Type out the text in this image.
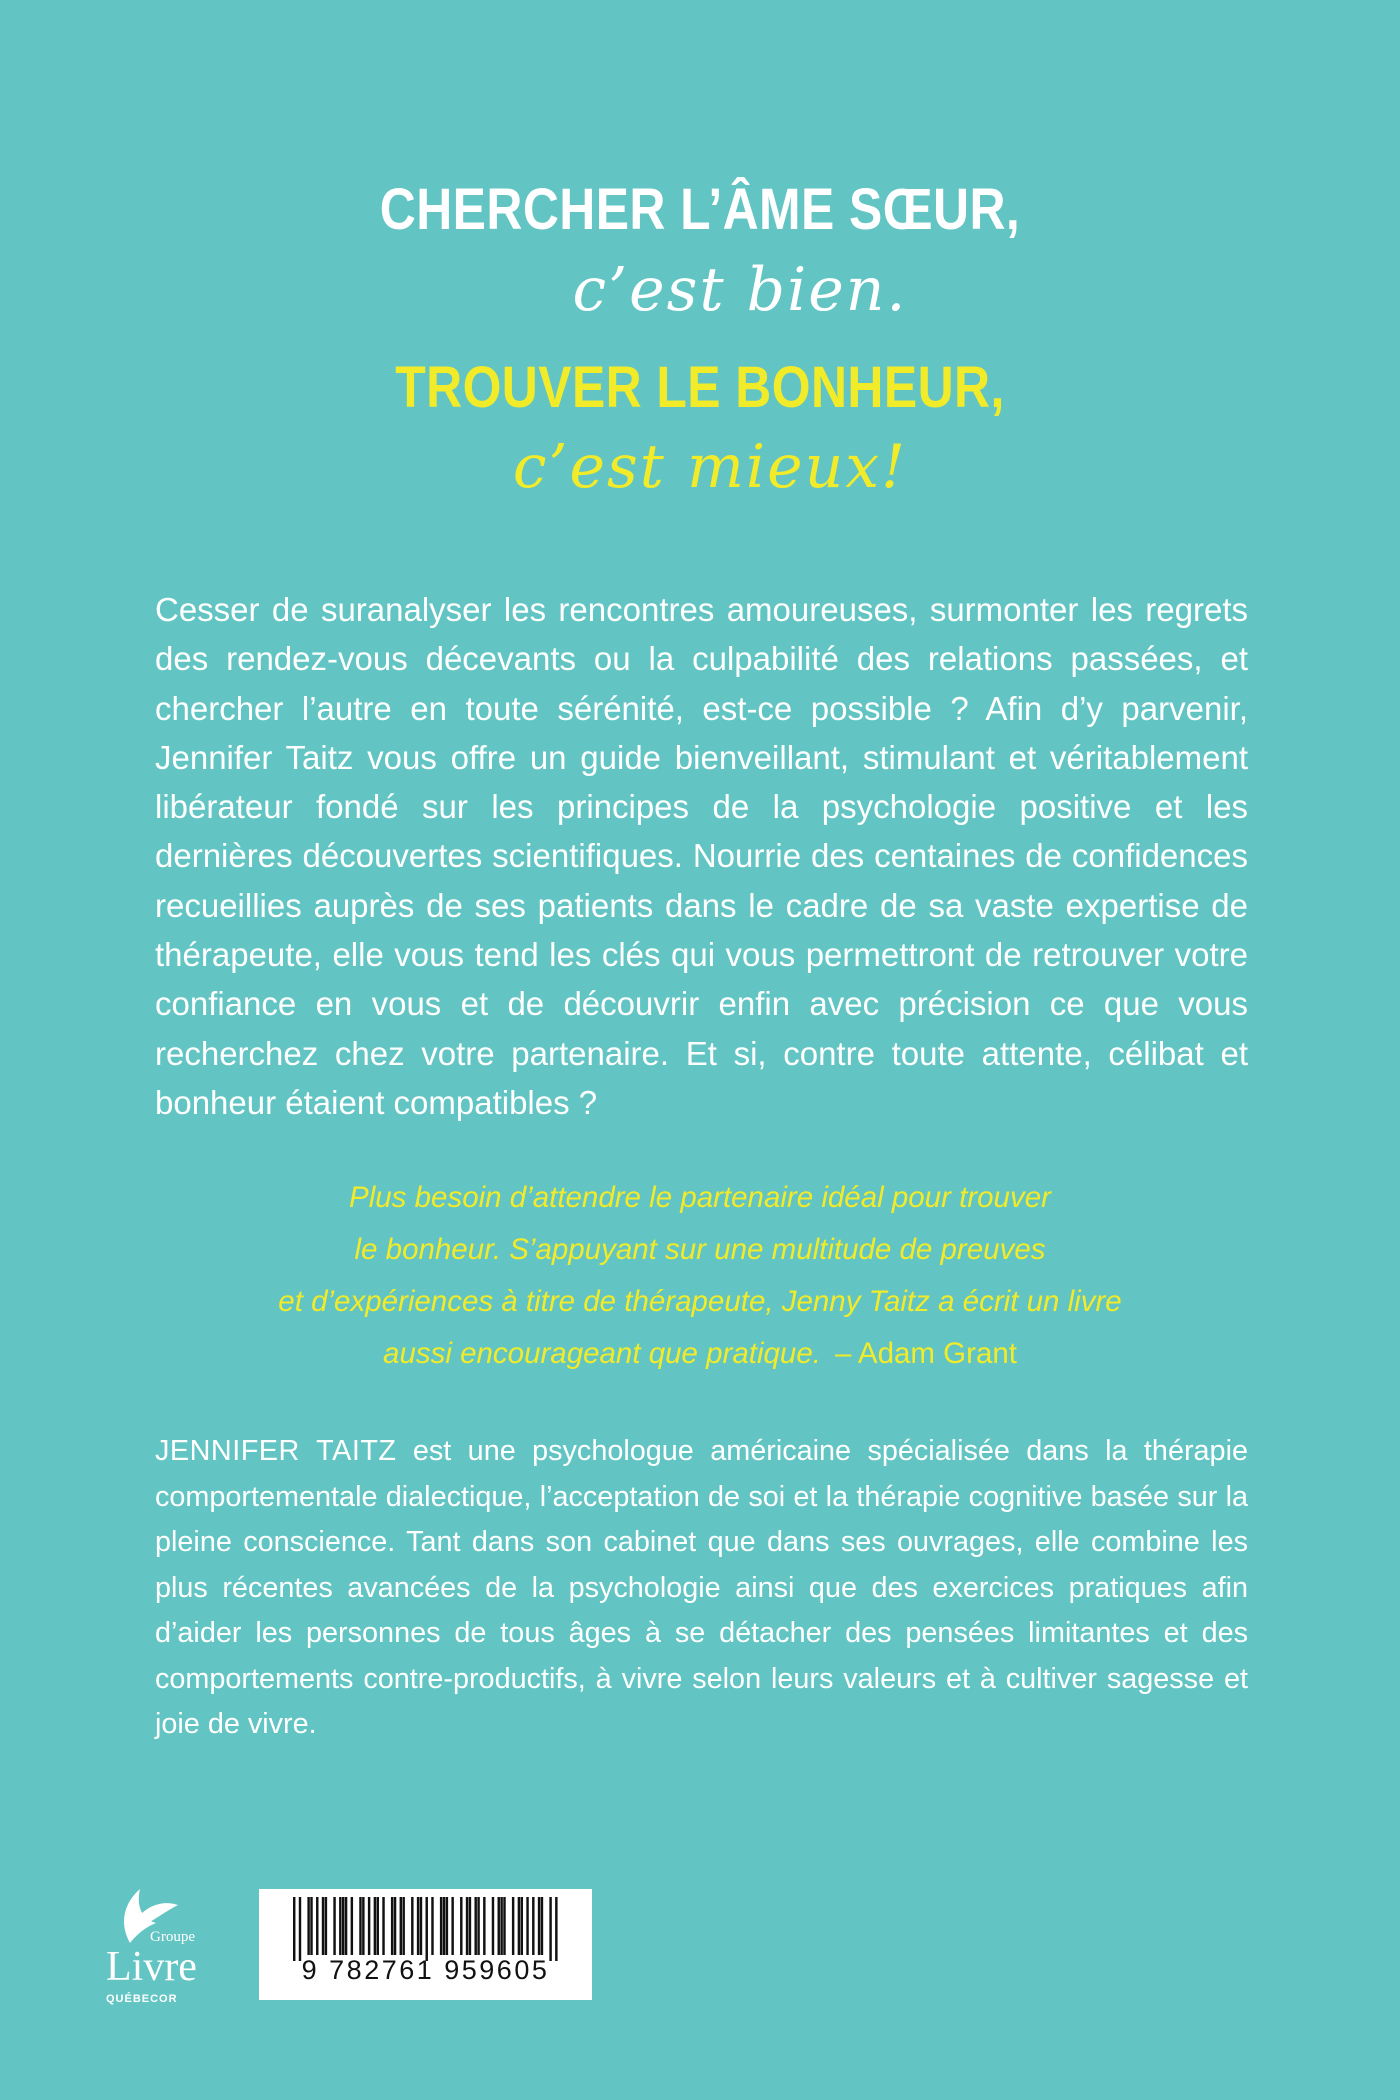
CHERCHER L’ÂME SŒUR,
c’est bien.
TROUVER LE BONHEUR,
c’est mieux!

Cesser de suranalyser les rencontres amoureuses, surmonter les regrets des rendez-vous décevants ou la culpabilité des relations passées, et chercher l’autre en toute sérénité, est-ce possible ? Afin d’y parvenir, Jennifer Taitz vous offre un guide bienveillant, stimulant et véritablement libérateur fondé sur les principes de la psychologie positive et les dernières découvertes scientifiques. Nourrie des centaines de confidences recueillies auprès de ses patients dans le cadre de sa vaste expertise de thérapeute, elle vous tend les clés qui vous permettront de retrouver votre confiance en vous et de découvrir enfin avec précision ce que vous recherchez chez votre partenaire. Et si, contre toute attente, célibat et bonheur étaient compatibles ?

Plus besoin d’attendre le partenaire idéal pour trouver
le bonheur. S’appuyant sur une multitude de preuves
et d’expériences à titre de thérapeute, Jenny Taitz a écrit un livre
aussi encourageant que pratique. – Adam Grant

JENNIFER TAITZ est une psychologue américaine spécialisée dans la thérapie comportementale dialectique, l’acceptation de soi et la thérapie cognitive basée sur la pleine conscience. Tant dans son cabinet que dans ses ouvrages, elle combine les plus récentes avancées de la psychologie ainsi que des exercices pratiques afin d’aider les personnes de tous âges à se détacher des pensées limitantes et des comportements contre-productifs, à vivre selon leurs valeurs et à cultiver sagesse et joie de vivre.

Groupe
Livre
QUÉBECOR
9 782761 959605
